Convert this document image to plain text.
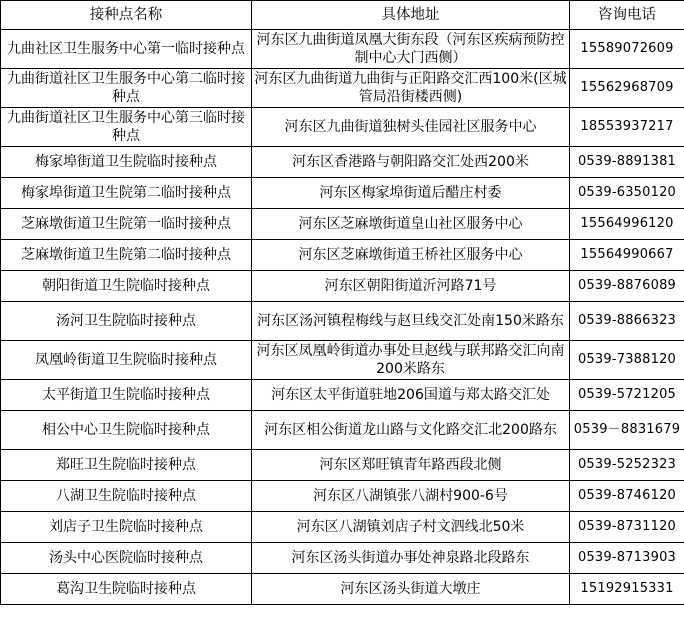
接种点名称	具体地址	咨询电话
九曲社区卫生服务中心第一临时接种点	河东区九曲街道凤凰大街东段（河东区疾病预防控制中心大门西侧）	15589072609
九曲街道社区卫生服务中心第二临时接种点	河东区九曲街道九曲街与正阳路交汇西100米(区城管局沿街楼西侧)	15562968709
九曲街道社区卫生服务中心第三临时接种点	河东区九曲街道独树头佳园社区服务中心	18553937217
梅家埠街道卫生院临时接种点	河东区香港路与朝阳路交汇处西200米	0539-8891381
梅家埠街道卫生院第二临时接种点	河东区梅家埠街道后醋庄村委	0539-6350120
芝麻墩街道卫生院第一临时接种点	河东区芝麻墩街道皇山社区服务中心	15564996120
芝麻墩街道卫生院第二临时接种点	河东区芝麻墩街道王桥社区服务中心	15564990667
朝阳街道卫生院临时接种点	河东区朝阳街道沂河路71号	0539-8876089
汤河卫生院临时接种点	河东区汤河镇程梅线与赵旦线交汇处南150米路东	0539-8866323
凤凰岭街道卫生院临时接种点	河东区凤凰岭街道办事处旦赵线与联邦路交汇向南200米路东	0539-7388120
太平街道卫生院临时接种点	河东区太平街道驻地206国道与郑太路交汇处	0539-5721205
相公中心卫生院临时接种点	河东区相公街道龙山路与文化路交汇北200路东	0539－8831679
郑旺卫生院临时接种点	河东区郑旺镇青年路西段北侧	0539-5252323
八湖卫生院临时接种点	河东区八湖镇张八湖村900-6号	0539-8746120
刘店子卫生院临时接种点	河东区八湖镇刘店子村文泗线北50米	0539-8731120
汤头中心医院临时接种点	河东区汤头街道办事处神泉路北段路东	0539-8713903
葛沟卫生院临时接种点	河东区汤头街道大墩庄	15192915331
